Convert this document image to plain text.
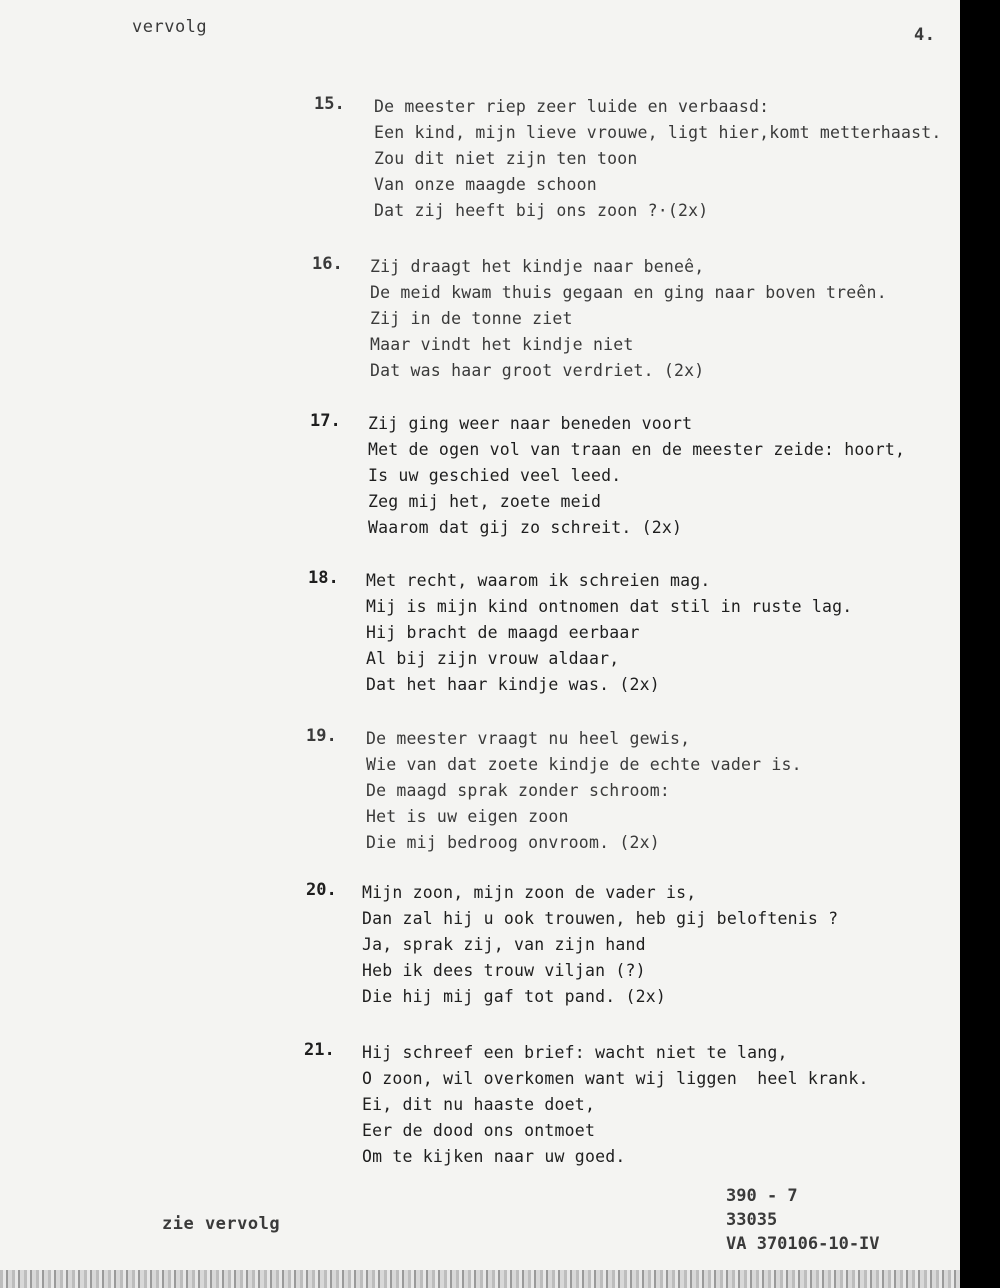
vervolg	4.
15.	De meester riep zeer luide en verbaasd:
Een kind, mijn lieve vrouwe, ligt hier,komt metterhaast.
Zou dit niet zijn ten toon
Van onze maagde schoon
Dat zij heeft bij ons zoon ?·(2x)
16.	Zij draagt het kindje naar beneê,
De meid kwam thuis gegaan en ging naar boven treên.
Zij in de tonne ziet
Maar vindt het kindje niet
Dat was haar groot verdriet. (2x)
17.	Zij ging weer naar beneden voort
Met de ogen vol van traan en de meester zeide: hoort,
Is uw geschied veel leed.
Zeg mij het, zoete meid
Waarom dat gij zo schreit. (2x)
18.	Met recht, waarom ik schreien mag.
Mij is mijn kind ontnomen dat stil in ruste lag.
Hij bracht de maagd eerbaar
Al bij zijn vrouw aldaar,
Dat het haar kindje was. (2x)
19.	De meester vraagt nu heel gewis,
Wie van dat zoete kindje de echte vader is.
De maagd sprak zonder schroom:
Het is uw eigen zoon
Die mij bedroog onvroom. (2x)
20.	Mijn zoon, mijn zoon de vader is,
Dan zal hij u ook trouwen, heb gij beloftenis ?
Ja, sprak zij, van zijn hand
Heb ik dees trouw viljan (?)
Die hij mij gaf tot pand. (2x)
21.	Hij schreef een brief: wacht niet te lang,
O zoon, wil overkomen want wij liggen  heel krank.
Ei, dit nu haaste doet,
Eer de dood ons ontmoet
Om te kijken naar uw goed.
zie vervolg
390 - 7
33035
VA 370106-10-IV
